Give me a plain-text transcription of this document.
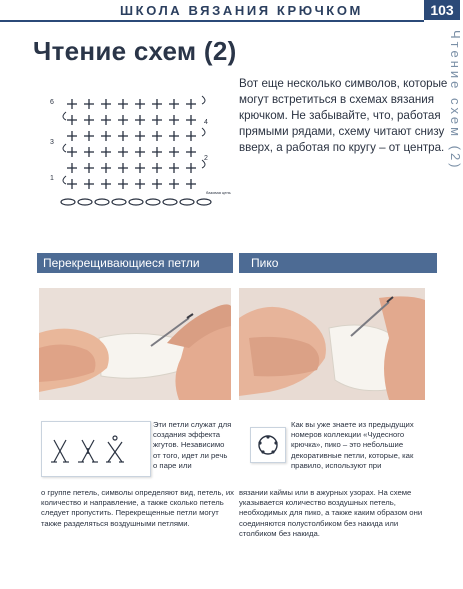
ШКОЛА ВЯЗАНИЯ КРЮЧКОМ	103
Чтение схем (2)
Чтение схем (2)
6
3
1
4
2
базовая цепь
Вот еще несколько символов, которые могут встретиться в схемах вязания крючком. Не забывайте, что, работая прямыми рядами, схему читают снизу вверх, а работая по кругу – от центра.
Перекрещивающиеся петли	Пико
Эти петли служат для создания эффекта жгутов. Независимо от того, идет ли речь о паре или
о группе петель, символы определяют вид, петель, их количество и направление, а также сколько петель следует пропустить. Перекрещенные петли могут также разделяться воздушными петлями.
Как вы уже знаете из предыдущих номеров коллекции «Чудесного крючка», пико – это небольшие декоративные петли, которые, как правило, используют при
вязании каймы или в ажурных узорах. На схеме указывается количество воздушных петель, необходимых для пико, а также каким образом они соединяются полустолбиком без накида или столбиком без накида.
